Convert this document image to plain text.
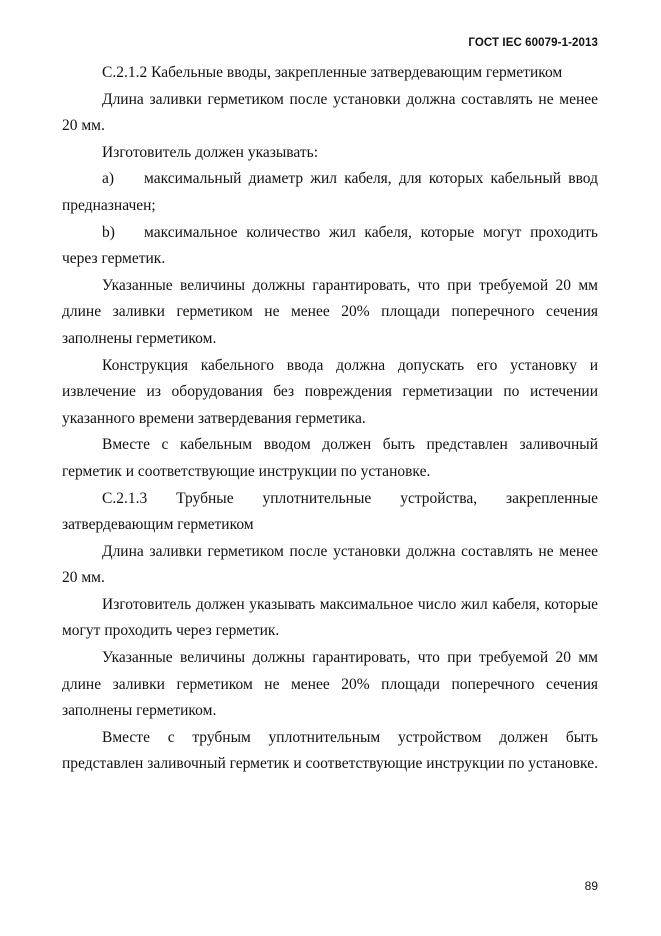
ГОСТ IEC 60079-1-2013

С.2.1.2 Кабельные вводы, закрепленные затвердевающим герметиком

Длина заливки герметиком после установки должна составлять не менее 20 мм.

Изготовитель должен указывать:

a) максимальный диаметр жил кабеля, для которых кабельный ввод предназначен;

b) максимальное количество жил кабеля, которые могут проходить через герметик.

Указанные величины должны гарантировать, что при требуемой 20 мм длине заливки герметиком не менее 20% площади поперечного сечения заполнены герметиком.

Конструкция кабельного ввода должна допускать его установку и извлечение из оборудования без повреждения герметизации по истечении указанного времени затвердевания герметика.

Вместе с кабельным вводом должен быть представлен заливочный герметик и соответствующие инструкции по установке.

С.2.1.3 Трубные уплотнительные устройства, закрепленные
затвердевающим герметиком

Длина заливки герметиком после установки должна составлять не менее 20 мм.

Изготовитель должен указывать максимальное число жил кабеля, которые могут проходить через герметик.

Указанные величины должны гарантировать, что при требуемой 20 мм длине заливки герметиком не менее 20% площади поперечного сечения заполнены герметиком.

Вместе с трубным уплотнительным устройством должен быть представлен заливочный герметик и соответствующие инструкции по установке.

89
